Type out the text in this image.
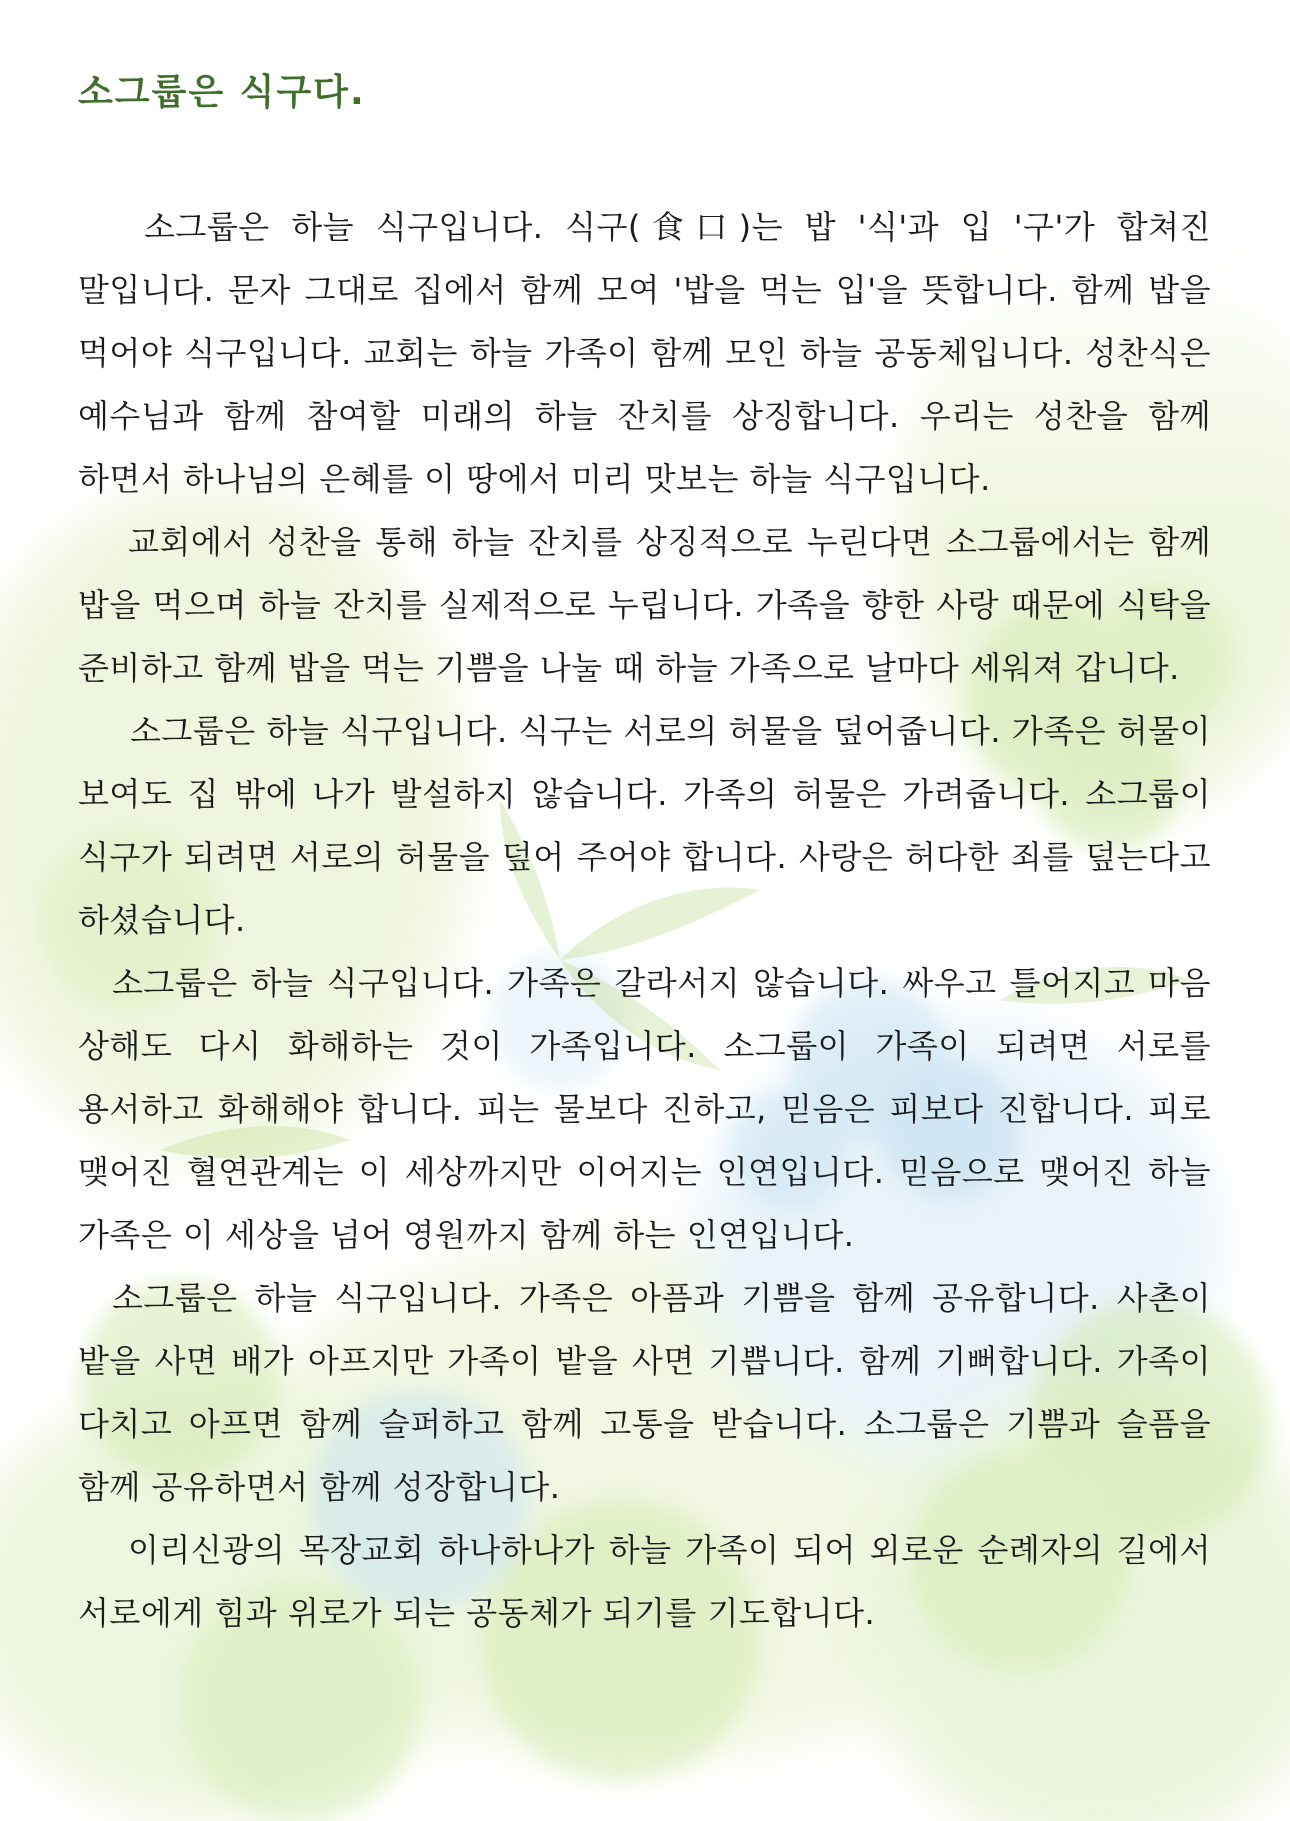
소그룹은 식구다.

소그룹은 하늘 식구입니다. 식구(食口)는 밥 '식'과 입 '구'가 합쳐진 말입니다. 문자 그대로 집에서 함께 모여 '밥을 먹는 입'을 뜻합니다. 함께 밥을 먹어야 식구입니다. 교회는 하늘 가족이 함께 모인 하늘 공동체입니다. 성찬식은 예수님과 함께 참여할 미래의 하늘 잔치를 상징합니다. 우리는 성찬을 함께 하면서 하나님의 은혜를 이 땅에서 미리 맛보는 하늘 식구입니다.

교회에서 성찬을 통해 하늘 잔치를 상징적으로 누린다면 소그룹에서는 함께 밥을 먹으며 하늘 잔치를 실제적으로 누립니다. 가족을 향한 사랑 때문에 식탁을 준비하고 함께 밥을 먹는 기쁨을 나눌 때 하늘 가족으로 날마다 세워져 갑니다.

소그룹은 하늘 식구입니다. 식구는 서로의 허물을 덮어줍니다. 가족은 허물이 보여도 집 밖에 나가 발설하지 않습니다. 가족의 허물은 가려줍니다. 소그룹이 식구가 되려면 서로의 허물을 덮어 주어야 합니다. 사랑은 허다한 죄를 덮는다고 하셨습니다.

소그룹은 하늘 식구입니다. 가족은 갈라서지 않습니다. 싸우고 틀어지고 마음 상해도 다시 화해하는 것이 가족입니다. 소그룹이 가족이 되려면 서로를 용서하고 화해해야 합니다. 피는 물보다 진하고, 믿음은 피보다 진합니다. 피로 맺어진 혈연관계는 이 세상까지만 이어지는 인연입니다. 믿음으로 맺어진 하늘 가족은 이 세상을 넘어 영원까지 함께 하는 인연입니다.

소그룹은 하늘 식구입니다. 가족은 아픔과 기쁨을 함께 공유합니다. 사촌이 밭을 사면 배가 아프지만 가족이 밭을 사면 기쁩니다. 함께 기뻐합니다. 가족이 다치고 아프면 함께 슬퍼하고 함께 고통을 받습니다. 소그룹은 기쁨과 슬픔을 함께 공유하면서 함께 성장합니다.

이리신광의 목장교회 하나하나가 하늘 가족이 되어 외로운 순례자의 길에서 서로에게 힘과 위로가 되는 공동체가 되기를 기도합니다.
